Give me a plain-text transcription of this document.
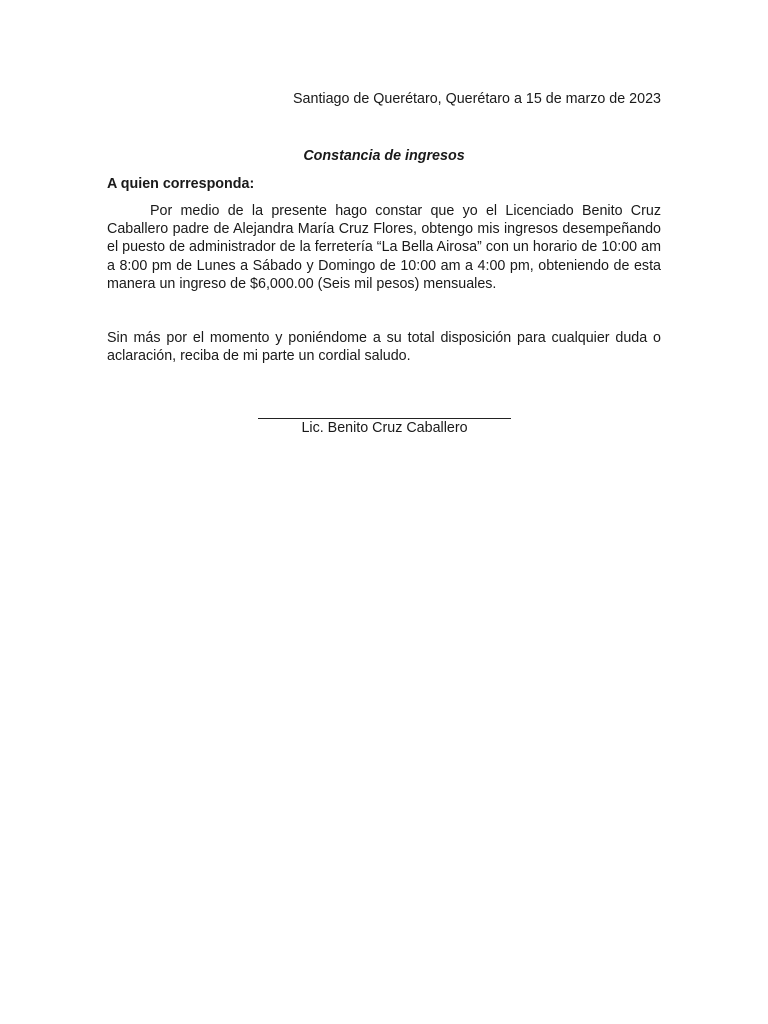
Santiago de Querétaro, Querétaro a 15 de marzo de 2023
Constancia de ingresos
A quien corresponda:

Por medio de la presente hago constar que yo el Licenciado Benito Cruz Caballero padre de Alejandra María Cruz Flores, obtengo mis ingresos desempeñando el puesto de administrador de la ferretería “La Bella Airosa” con un horario de 10:00 am a 8:00 pm de Lunes a Sábado y Domingo de 10:00 am a 4:00 pm, obteniendo de esta manera un ingreso de $6,000.00 (Seis mil pesos) mensuales.

Sin más por el momento y poniéndome a su total disposición para cualquier duda o aclaración, reciba de mi parte un cordial saludo.

Lic. Benito Cruz Caballero
